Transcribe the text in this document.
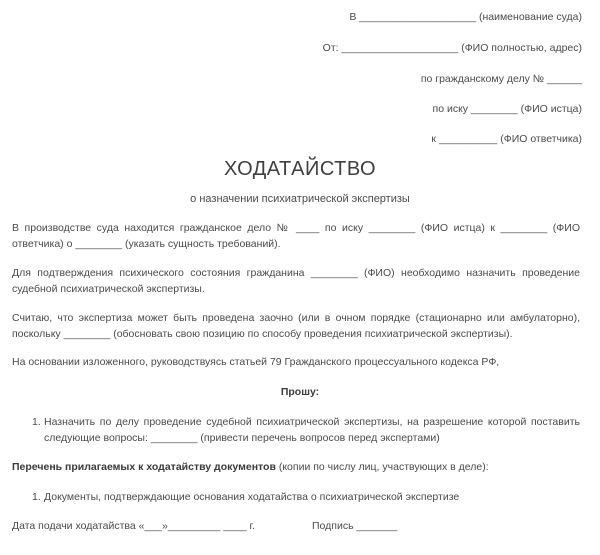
В ____________________ (наименование суда)
От: ____________________ (ФИО полностью, адрес)
по гражданскому делу № ______
по иску ________ (ФИО истца)
к __________ (ФИО ответчика)
ХОДАТАЙСТВО
о назначении психиатрической экспертизы
В производстве суда находится гражданское дело № ____ по иску ________ (ФИО истца) к ________ (ФИО ответчика) о ________ (указать сущность требований).
Для подтверждения психического состояния гражданина ________ (ФИО) необходимо назначить проведение судебной психиатрической экспертизы.
Считаю, что экспертиза может быть проведена заочно (или в очном порядке (стационарно или амбулаторно), поскольку ________ (обосновать свою позицию по способу проведения психиатрической экспертизы).
На основании изложенного, руководствуясь статьей 79 Гражданского процессуального кодекса РФ,
Прошу:
1. Назначить по делу проведение судебной психиатрической экспертизы, на разрешение которой поставить следующие вопросы: ________ (привести перечень вопросов перед экспертами)
Перечень прилагаемых к ходатайству документов (копии по числу лиц, участвующих в деле):
1. Документы, подтверждающие основания ходатайства о психиатрической экспертизе
Дата подачи ходатайства «___»_________ ____ г.	Подпись _______
